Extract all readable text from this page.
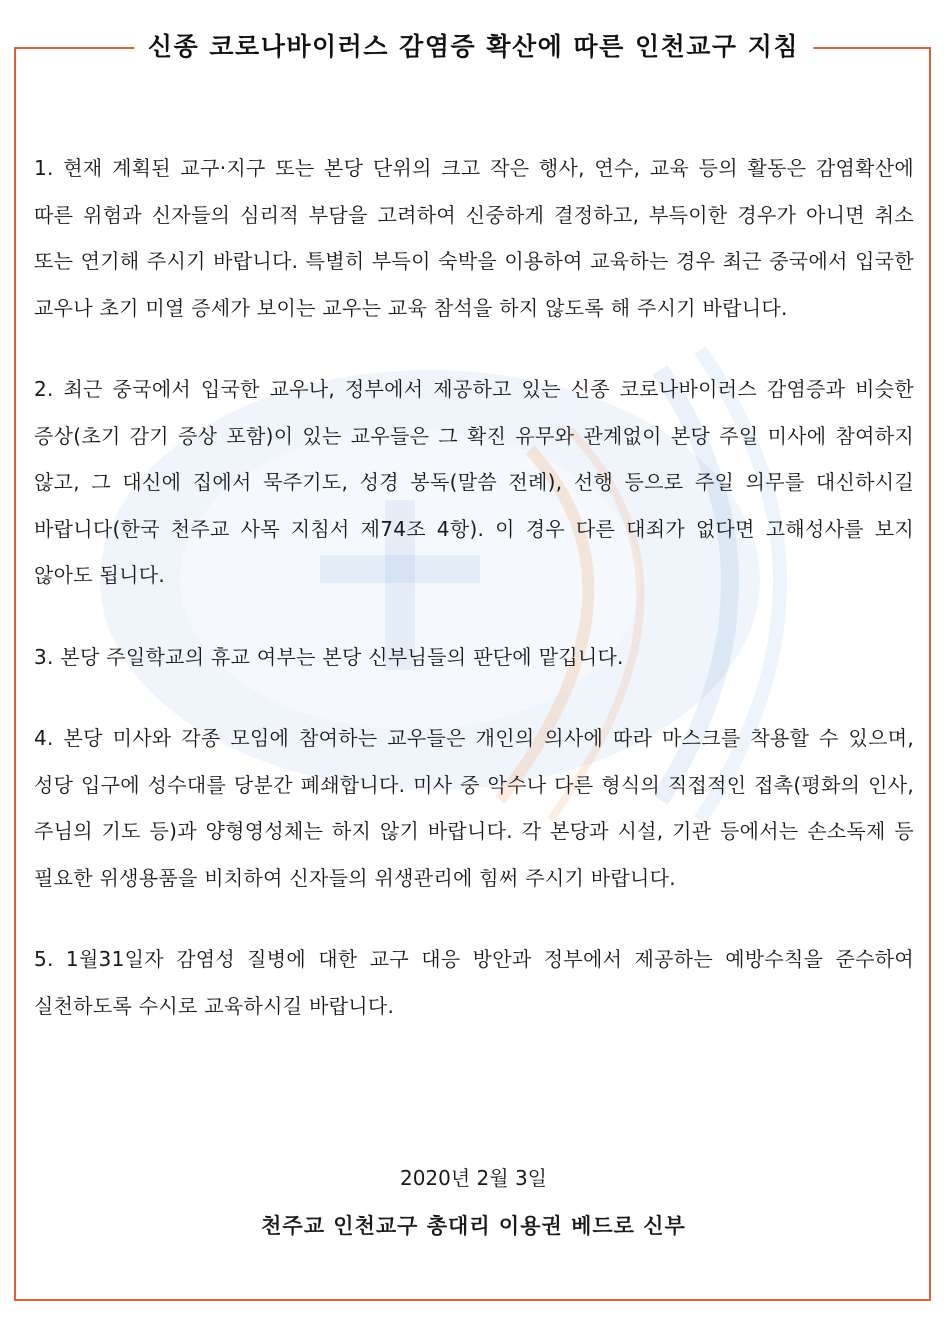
신종 코로나바이러스 감염증 확산에 따른 인천교구 지침

1. 현재 계획된 교구·지구 또는 본당 단위의 크고 작은 행사, 연수, 교육 등의 활동은 감염확산에 따른 위험과 신자들의 심리적 부담을 고려하여 신중하게 결정하고, 부득이한 경우가 아니면 취소 또는 연기해 주시기 바랍니다. 특별히 부득이 숙박을 이용하여 교육하는 경우 최근 중국에서 입국한 교우나 초기 미열 증세가 보이는 교우는 교육 참석을 하지 않도록 해 주시기 바랍니다.

2. 최근 중국에서 입국한 교우나, 정부에서 제공하고 있는 신종 코로나바이러스 감염증과 비슷한 증상(초기 감기 증상 포함)이 있는 교우들은 그 확진 유무와 관계없이 본당 주일 미사에 참여하지 않고, 그 대신에 집에서 묵주기도, 성경 봉독(말씀 전례), 선행 등으로 주일 의무를 대신하시길 바랍니다(한국 천주교 사목 지침서 제74조 4항). 이 경우 다른 대죄가 없다면 고해성사를 보지 않아도 됩니다.

3. 본당 주일학교의 휴교 여부는 본당 신부님들의 판단에 맡깁니다.

4. 본당 미사와 각종 모임에 참여하는 교우들은 개인의 의사에 따라 마스크를 착용할 수 있으며, 성당 입구에 성수대를 당분간 폐쇄합니다. 미사 중 악수나 다른 형식의 직접적인 접촉(평화의 인사, 주님의 기도 등)과 양형영성체는 하지 않기 바랍니다. 각 본당과 시설, 기관 등에서는 손소독제 등 필요한 위생용품을 비치하여 신자들의 위생관리에 힘써 주시기 바랍니다.

5. 1월31일자 감염성 질병에 대한 교구 대응 방안과 정부에서 제공하는 예방수칙을 준수하여 실천하도록 수시로 교육하시길 바랍니다.

2020년 2월 3일
천주교 인천교구 총대리 이용권 베드로 신부
